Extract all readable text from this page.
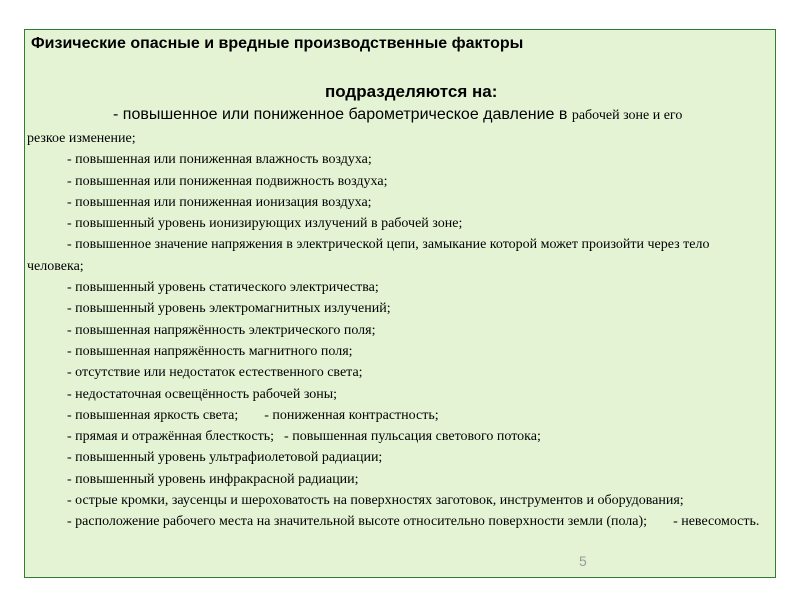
Физические опасные и вредные производственные факторы
подразделяются на:
- повышенное или пониженное барометрическое давление в рабочей зоне и его

резкое изменение;

- повышенная или пониженная влажность воздуха;

- повышенная или пониженная подвижность воздуха;

- повышенная или пониженная ионизация воздуха;

- повышенный уровень ионизирующих излучений в рабочей зоне;

- повышенное значение напряжения в электрической цепи, замыкание которой может произойти через тело человека;

- повышенный уровень статического электричества;

- повышенный уровень электромагнитных излучений;

- повышенная напряжённость электрического поля;

- повышенная напряжённость магнитного поля;

- отсутствие или недостаток естественного света;

- недостаточная освещённость рабочей зоны;

- повышенная яркость света; - пониженная контрастность;

- прямая и отражённая блесткость; - повышенная пульсация светового потока;

- повышенный уровень ультрафиолетовой радиации;

- повышенный уровень инфракрасной радиации;

- острые кромки, заусенцы и шероховатость на поверхностях заготовок, инструментов и оборудования;

- расположение рабочего места на значительной высоте относительно поверхности земли (пола); - невесомость.

5
